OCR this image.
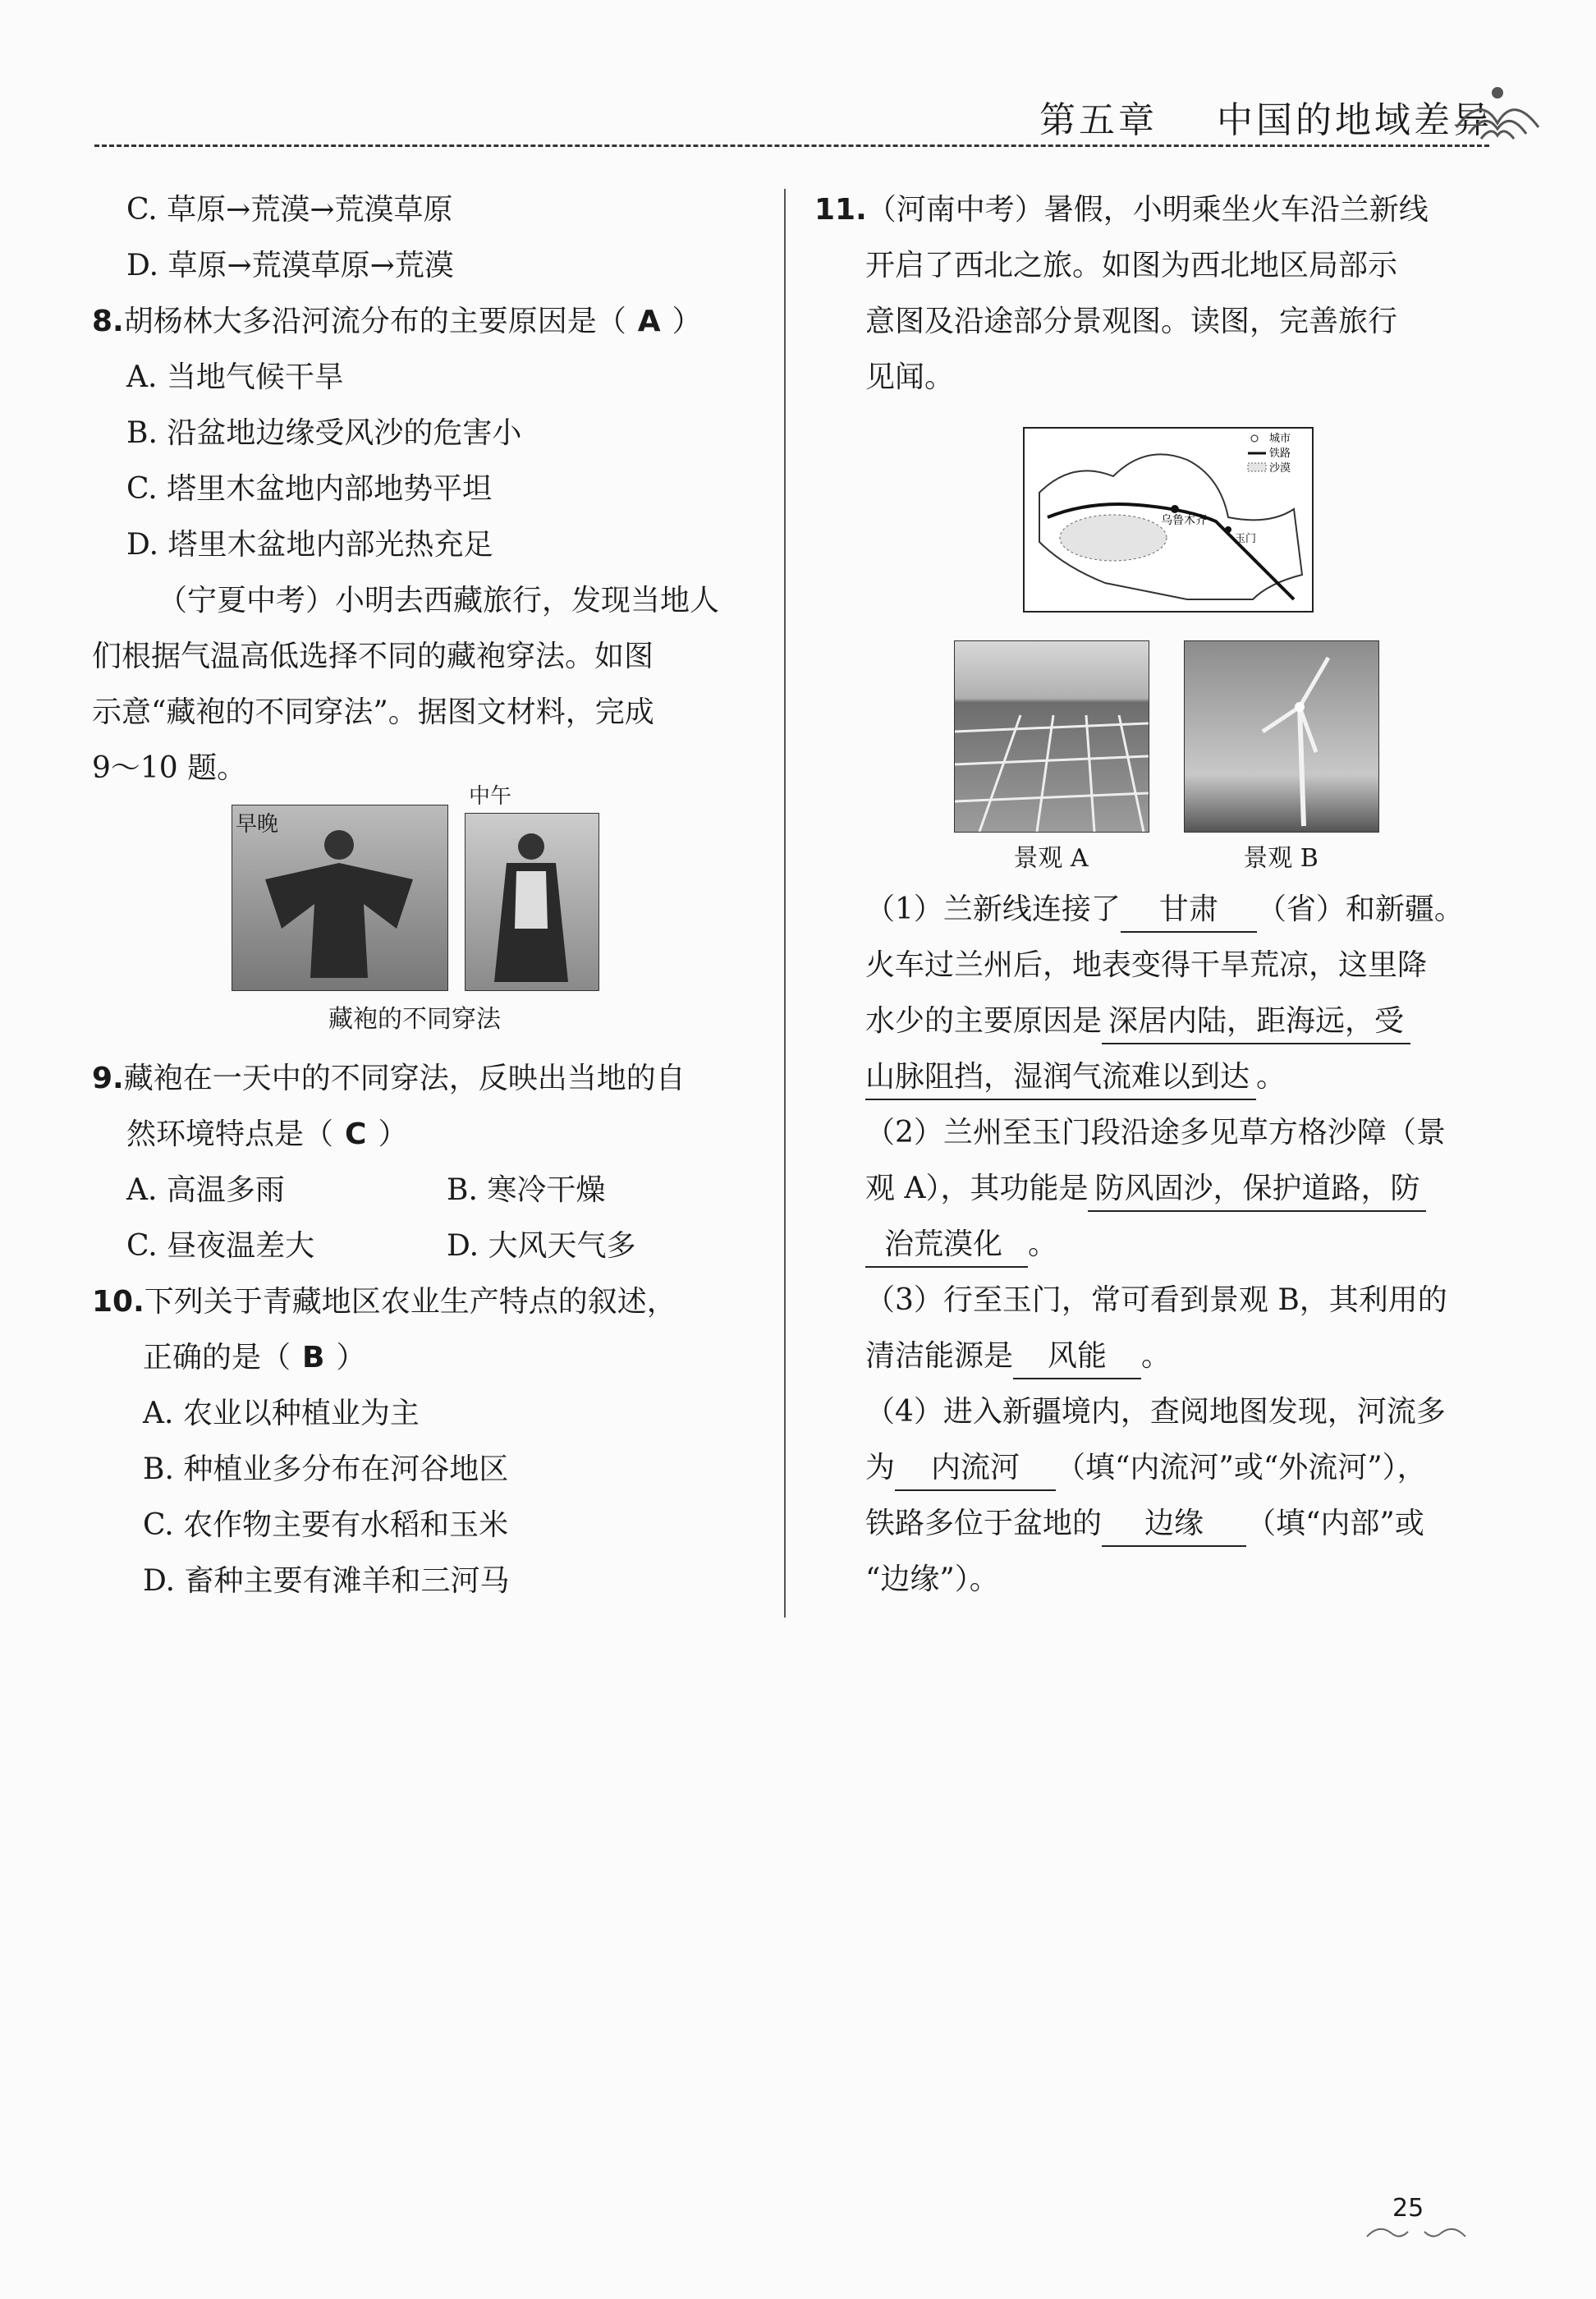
第五章 中国的地域差异
C. 草原→荒漠→荒漠草原
D. 草原→荒漠草原→荒漠
8.胡杨林大多沿河流分布的主要原因是（ A ）
A. 当地气候干旱
B. 沿盆地边缘受风沙的危害小
C. 塔里木盆地内部地势平坦
D. 塔里木盆地内部光热充足
（宁夏中考）小明去西藏旅行，发现当地人
们根据气温高低选择不同的藏袍穿法。如图
示意“藏袍的不同穿法”。据图文材料，完成
9～10 题。
早晚
中午
藏袍的不同穿法
9.藏袍在一天中的不同穿法，反映出当地的自
然环境特点是（ C ）
A. 高温多雨	B. 寒冷干燥
C. 昼夜温差大	D. 大风天气多
10.下列关于青藏地区农业生产特点的叙述，
正确的是（ B ）
A. 农业以种植业为主
B. 种植业多分布在河谷地区
C. 农作物主要有水稻和玉米
D. 畜种主要有滩羊和三河马
11.（河南中考）暑假，小明乘坐火车沿兰新线
开启了西北之旅。如图为西北地区局部示
意图及沿途部分景观图。读图，完善旅行
见闻。
乌鲁木齐
玉门
城市
铁路
沙漠
景观 A	景观 B
（1）兰新线连接了 甘肃 （省）和新疆。
火车过兰州后，地表变得干旱荒凉，这里降
水少的主要原因是 深居内陆，距海远，受
山脉阻挡，湿润气流难以到达 。
（2）兰州至玉门段沿途多见草方格沙障（景
观 A），其功能是 防风固沙，保护道路，防
治荒漠化 。
（3）行至玉门，常可看到景观 B，其利用的
清洁能源是 风能 。
（4）进入新疆境内，查阅地图发现，河流多
为 内流河 （填“内流河”或“外流河”），
铁路多位于盆地的 边缘 （填“内部”或
“边缘”）。
25
